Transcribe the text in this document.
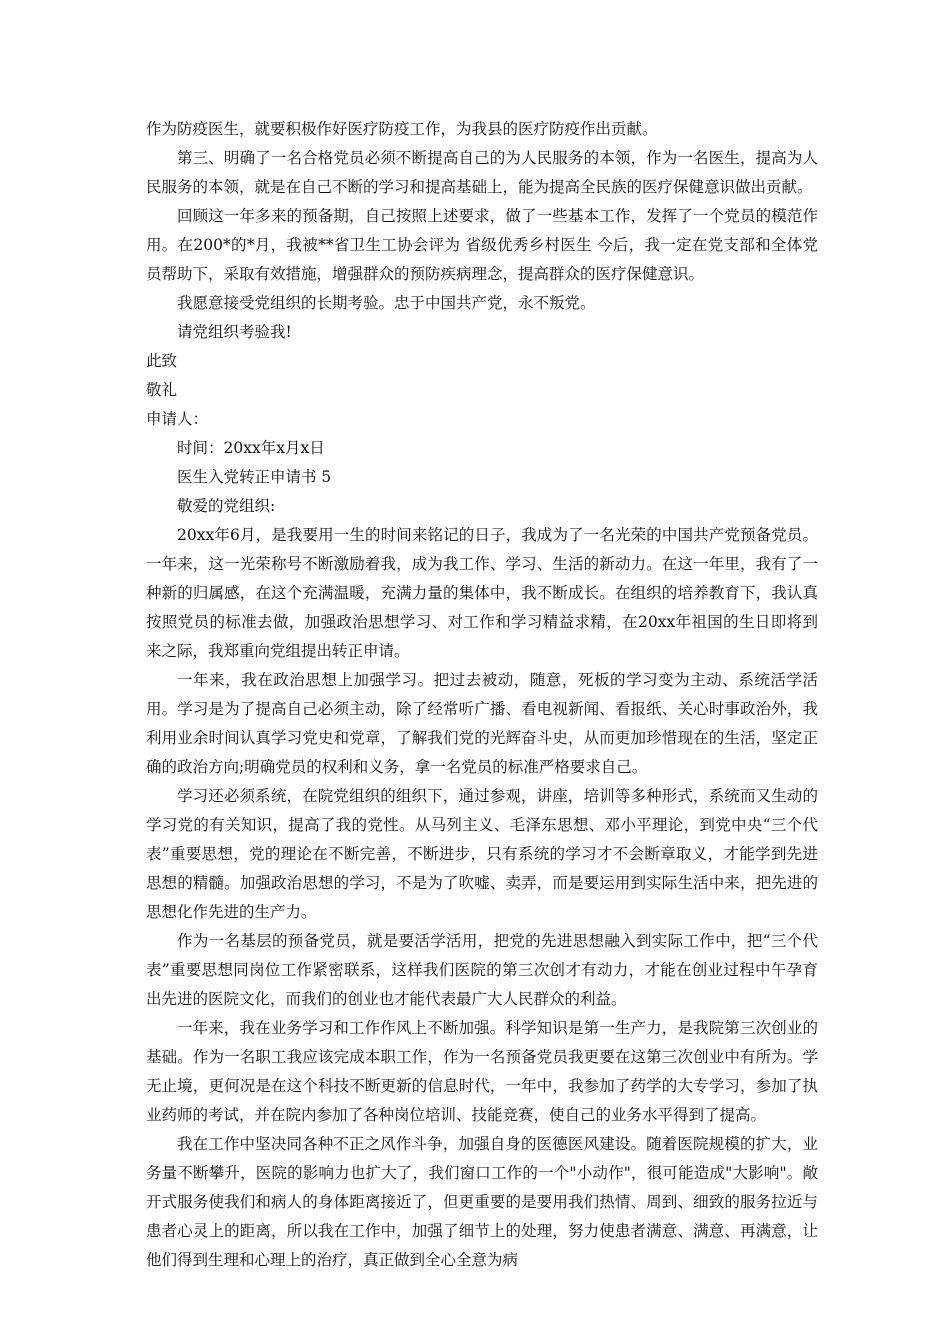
作为防疫医生，就要积极作好医疗防疫工作，为我县的医疗防疫作出贡献。

第三、明确了一名合格党员必须不断提高自己的为人民服务的本领，作为一名医生，提高为人民服务的本领，就是在自己不断的学习和提高基础上，能为提高全民族的医疗保健意识做出贡献。

回顾这一年多来的预备期，自己按照上述要求，做了一些基本工作，发挥了一个党员的模范作用。在200*的*月，我被**省卫生工协会评为 省级优秀乡村医生 今后，我一定在党支部和全体党员帮助下，采取有效措施，增强群众的预防疾病理念，提高群众的医疗保健意识。

我愿意接受党组织的长期考验。忠于中国共产党，永不叛党。

请党组织考验我!

此致

敬礼

申请人：

时间：20xx年x月x日

医生入党转正申请书 5

敬爱的党组织:

20xx年6月，是我要用一生的时间来铭记的日子，我成为了一名光荣的中国共产党预备党员。一年来，这一光荣称号不断激励着我，成为我工作、学习、生活的新动力。在这一年里，我有了一种新的归属感，在这个充满温暖，充满力量的集体中，我不断成长。在组织的培养教育下，我认真按照党员的标准去做，加强政治思想学习、对工作和学习精益求精，在20xx年祖国的生日即将到来之际，我郑重向党组提出转正申请。

一年来，我在政治思想上加强学习。把过去被动，随意，死板的学习变为主动、系统活学活用。学习是为了提高自己必须主动，除了经常听广播、看电视新闻、看报纸、关心时事政治外，我利用业余时间认真学习党史和党章，了解我们党的光辉奋斗史，从而更加珍惜现在的生活，坚定正确的政治方向;明确党员的权利和义务，拿一名党员的标准严格要求自己。

学习还必须系统，在院党组织的组织下，通过参观，讲座，培训等多种形式，系统而又生动的学习党的有关知识，提高了我的党性。从马列主义、毛泽东思想、邓小平理论，到党中央“三个代表”重要思想，党的理论在不断完善，不断进步，只有系统的学习才不会断章取义，才能学到先进思想的精髓。加强政治思想的学习，不是为了吹嘘、卖弄，而是要运用到实际生活中来，把先进的思想化作先进的生产力。

作为一名基层的预备党员，就是要活学活用，把党的先进思想融入到实际工作中，把“三个代表”重要思想同岗位工作紧密联系，这样我们医院的第三次创才有动力，才能在创业过程中午孕育出先进的医院文化，而我们的创业也才能代表最广大人民群众的利益。

一年来，我在业务学习和工作作风上不断加强。科学知识是第一生产力，是我院第三次创业的基础。作为一名职工我应该完成本职工作，作为一名预备党员我更要在这第三次创业中有所为。学无止境，更何况是在这个科技不断更新的信息时代，一年中，我参加了药学的大专学习，参加了执业药师的考试，并在院内参加了各种岗位培训、技能竞赛，使自己的业务水平得到了提高。

我在工作中坚决同各种不正之风作斗争，加强自身的医德医风建设。随着医院规模的扩大，业务量不断攀升，医院的影响力也扩大了，我们窗口工作的一个"小动作"，很可能造成"大影响"。敞开式服务使我们和病人的身体距离接近了，但更重要的是要用我们热情、周到、细致的服务拉近与患者心灵上的距离，所以我在工作中，加强了细节上的处理，努力使患者满意、满意、再满意，让他们得到生理和心理上的治疗，真正做到全心全意为病
